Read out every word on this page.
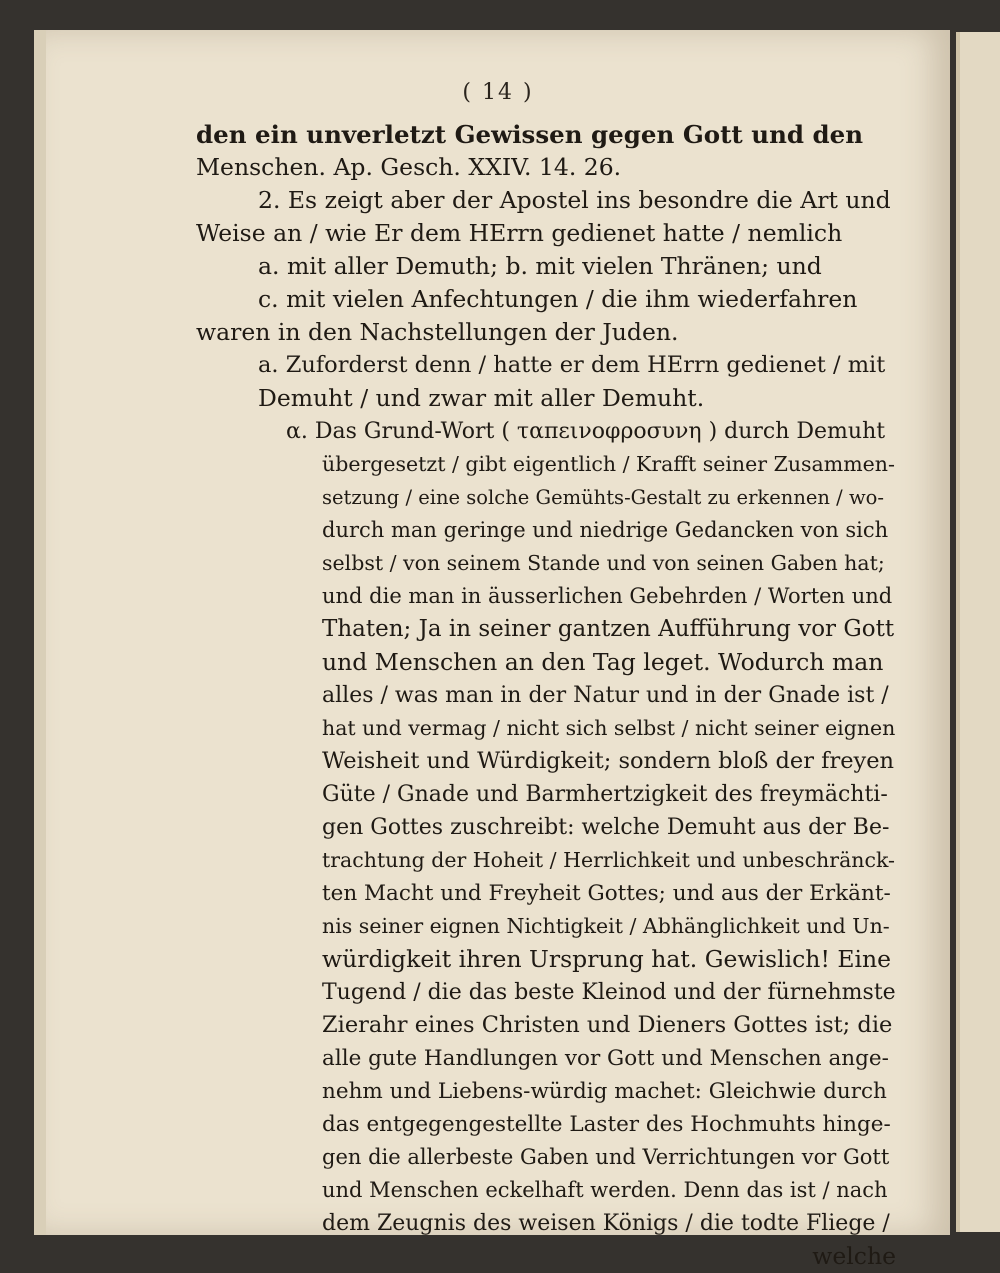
( 14 )
den ein unverletzt Gewissen gegen Gott und den
Menschen. Ap. Gesch. XXIV. 14. 26.
2. Es zeigt aber der Apostel ins besondre die Art und
Weise an / wie Er dem HErrn gedienet hatte / nemlich
a. mit aller Demuth; b. mit vielen Thränen; und
c. mit vielen Anfechtungen / die ihm wiederfahren
waren in den Nachstellungen der Juden.
a. Zuforderst denn / hatte er dem HErrn gedienet / mit
Demuht / und zwar mit aller Demuht.
α. Das Grund-Wort ( ταπεινοφροσυνη ) durch Demuht
übergesetzt / gibt eigentlich / Krafft seiner Zusammen-
setzung / eine solche Gemühts-Gestalt zu erkennen / wo-
durch man geringe und niedrige Gedancken von sich
selbst / von seinem Stande und von seinen Gaben hat;
und die man in äusserlichen Gebehrden / Worten und
Thaten; Ja in seiner gantzen Aufführung vor Gott
und Menschen an den Tag leget. Wodurch man
alles / was man in der Natur und in der Gnade ist /
hat und vermag / nicht sich selbst / nicht seiner eignen
Weisheit und Würdigkeit; sondern bloß der freyen
Güte / Gnade und Barmhertzigkeit des freymächti-
gen Gottes zuschreibt: welche Demuht aus der Be-
trachtung der Hoheit / Herrlichkeit und unbeschränck-
ten Macht und Freyheit Gottes; und aus der Erkänt-
nis seiner eignen Nichtigkeit / Abhänglichkeit und Un-
würdigkeit ihren Ursprung hat. Gewislich! Eine
Tugend / die das beste Kleinod und der fürnehmste
Zierahr eines Christen und Dieners Gottes ist; die
alle gute Handlungen vor Gott und Menschen ange-
nehm und Liebens-würdig machet: Gleichwie durch
das entgegengestellte Laster des Hochmuhts hinge-
gen die allerbeste Gaben und Verrichtungen vor Gott
und Menschen eckelhaft werden. Denn das ist / nach
dem Zeugnis des weisen Königs / die todte Fliege /
welche
